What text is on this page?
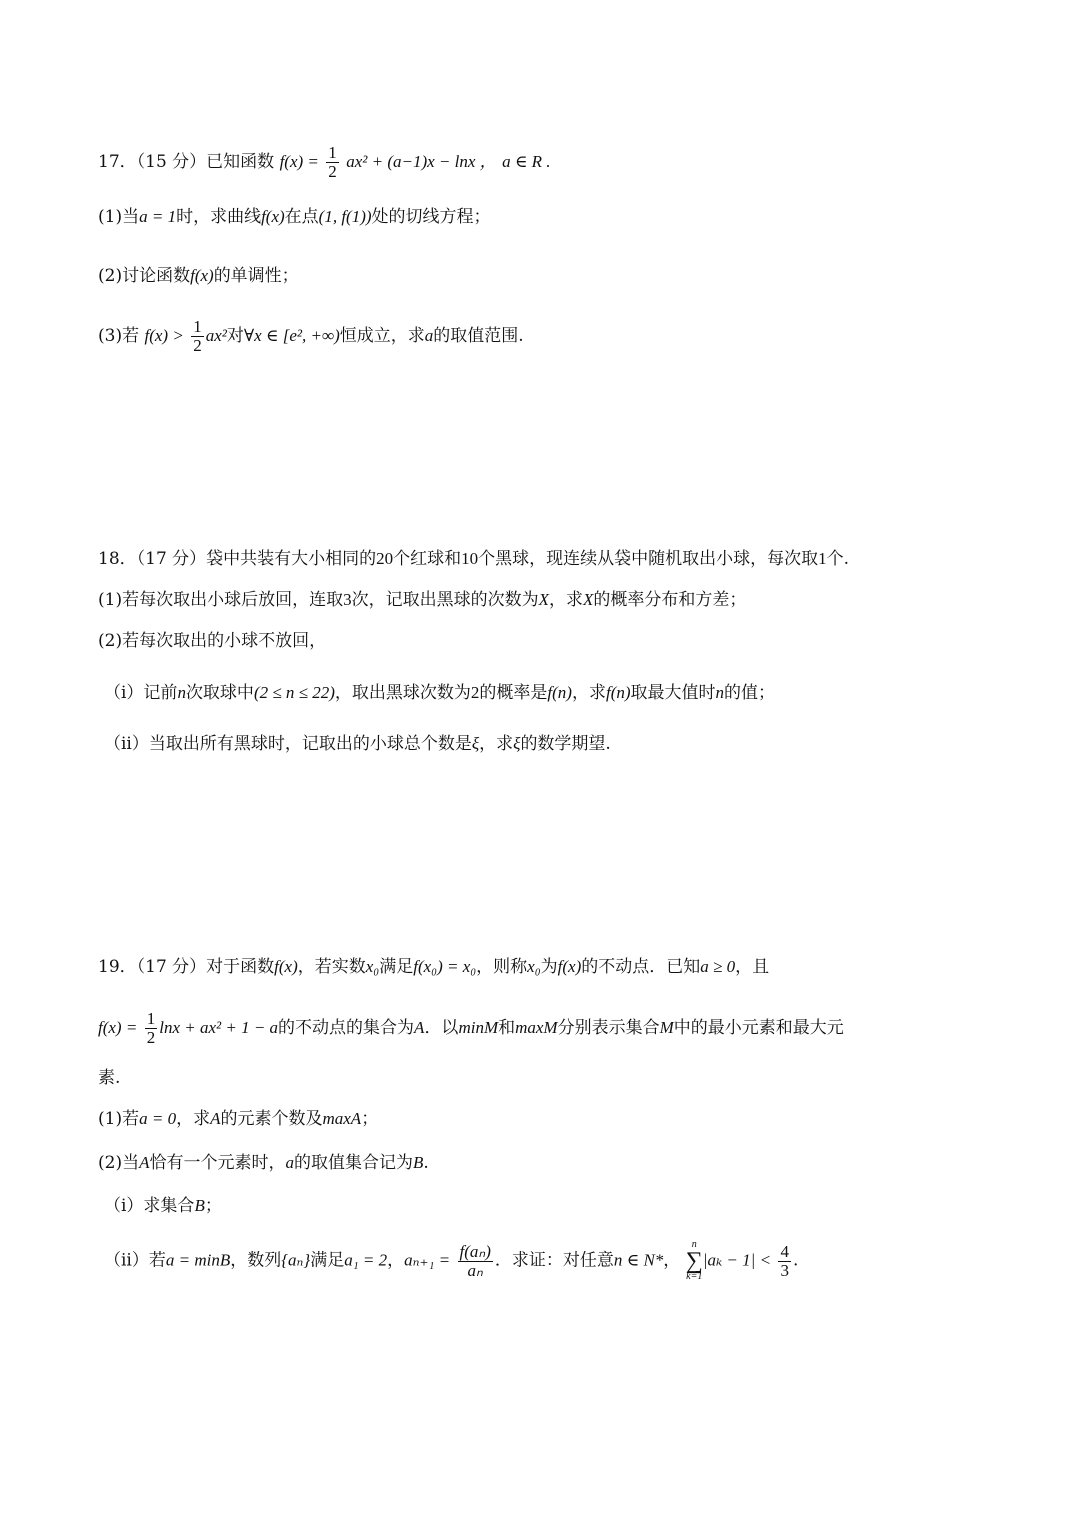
17．（15 分）已知函数 $f(x) = \frac{1}{2} ax^2 + (a-1)x - \ln x$ ， a ∈ R .
(1)当a = 1时，求曲线f(x)在点(1, f(1))处的切线方程；
(2)讨论函数f(x)的单调性；
(3)若 $f(x) > \frac{1}{2} ax^2$对∀x ∈ [e², +∞)恒成立，求a的取值范围.
18．（17 分）袋中共装有大小相同的20个红球和10个黑球，现连续从袋中随机取出小球，每次取1个.
(1)若每次取出小球后放回，连取3次，记取出黑球的次数为X，求X的概率分布和方差；
(2)若每次取出的小球不放回，
（i）记前n次取球中(2 ≤ n ≤ 22)，取出黑球次数为2的概率是f(n)，求f(n)取最大值时n的值；
（ii）当取出所有黑球时，记取出的小球总个数是ξ，求ξ的数学期望.
19．（17 分）对于函数f(x)，若实数x₀满足f(x₀) = x₀，则称x₀为f(x)的不动点．已知a ≥ 0，且
$f(x) = \frac{1}{2}$ lnx + ax² + 1 − a的不动点的集合为A．以minM和maxM分别表示集合M中的最小元素和最大元
素.
(1)若a = 0，求A的元素个数及maxA；
(2)当A恰有一个元素时，a的取值集合记为B.
（i）求集合B；
（ii）若a = minB，数列{aₙ}满足a₁ = 2，$a_{n+1} = \frac{\text{f(aₙ)}}{\text{aₙ}}$ ．求证：对任意n ∈ N*，
n
∑
k=1
$|a_k - 1| < \frac{4}{3}$ .
